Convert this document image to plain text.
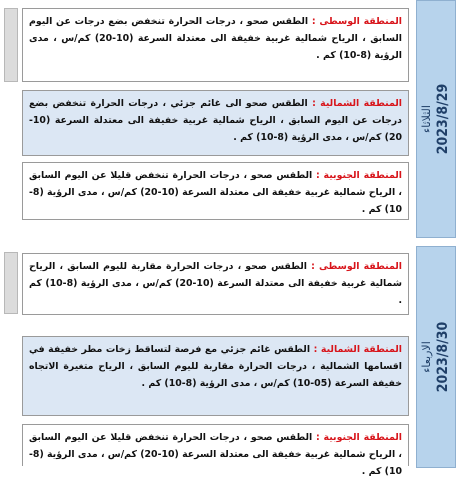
الثلاثاء 2023/8/29
المنطقة الوسطى : الطقس صحو ، درجات الحرارة تنخفض بضع درجات عن اليوم السابق ، الرياح شمالية غربية خفيفة الى معتدلة السرعة (10-20) كم/س ، مدى الرؤية (8-10) كم .
المنطقة الشمالية : الطقس صحو الى غائم جزئي ، درجات الحرارة تنخفض بضع درجات عن اليوم السابق ، الرياح شمالية غربية خفيفة الى معتدلة السرعة (10-20) كم/س ، مدى الرؤية (8-10) كم .
المنطقة الجنوبية : الطقس صحو ، درجات الحرارة تنخفض قليلا عن اليوم السابق ، الرياح شمالية غربية خفيفة الى معتدلة السرعة (10-20) كم/س ، مدى الرؤية (8-10) كم .
الاربعاء 2023/8/30
المنطقة الوسطى : الطقس صحو ، درجات الحرارة مقاربة لليوم السابق ، الرياح شمالية غربية خفيفة الى معتدلة السرعة (10-20) كم/س ، مدى الرؤية (8-10) كم .
المنطقة الشمالية : الطقس غائم جزئي مع فرصة لتساقط زخات مطر خفيفة في اقسامها الشمالية ، درجات الحرارة مقاربة لليوم السابق ، الرياح متغيرة الاتجاه خفيفة السرعة (05-10) كم/س ، مدى الرؤية (8-10) كم .
المنطقة الجنوبية : الطقس صحو ، درجات الحرارة تنخفض قليلا عن اليوم السابق ، الرياح شمالية غربية خفيفة الى معتدلة السرعة (10-20) كم/س ، مدى الرؤية (8-10) كم .
